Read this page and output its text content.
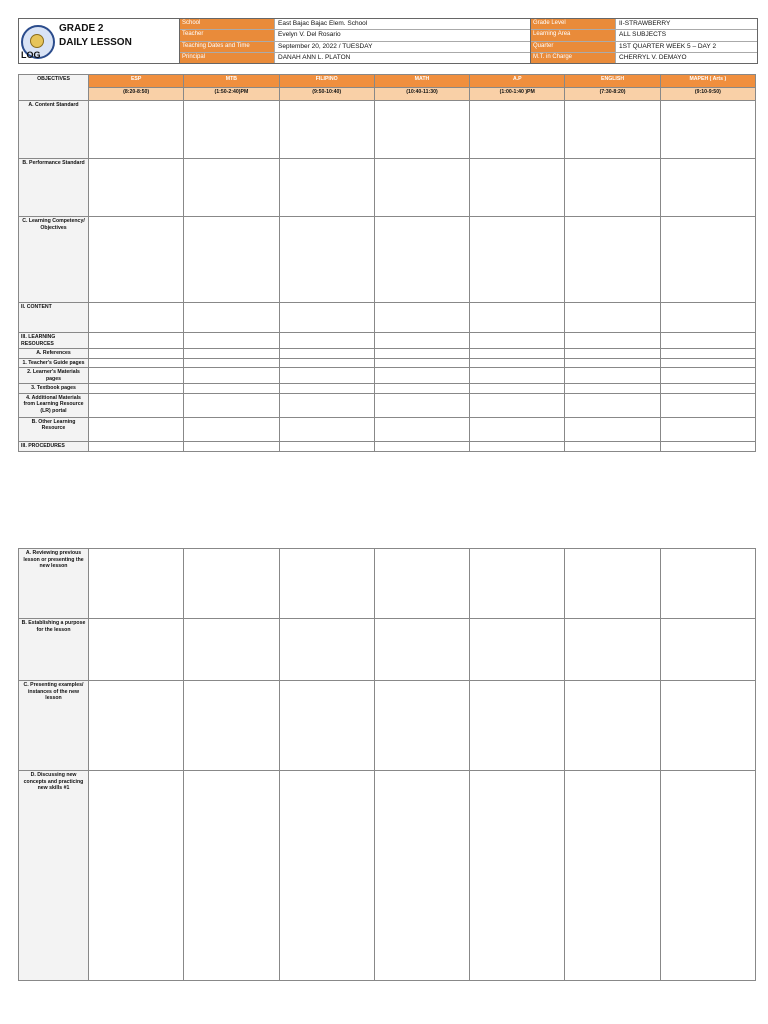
GRADE 2
DAILY LESSON
LOG
School	East Bajac Bajac Elem. School
Teacher	Evelyn V. Del Rosario
Teaching Dates and Time	September 20, 2022 / TUESDAY
Principal	DANAH ANN L. PLATON
Grade Level	II-STRAWBERRY
Learning Area	ALL SUBJECTS
Quarter	1ST QUARTER WEEK 5 – DAY 2
M.T. in Charge	CHERRYL V. DEMAYO
OBJECTIVES	ESP	MTB	FILIPINO	MATH	A.P	ENGLISH	MAPEH ( Arts )
	(8:20-8:50)	(1:50-2:40)PM	(9:50-10:40)	(10:40-11:30)	(1:00-1:40 )PM	(7:30-8:20)	(9:10-9:50)
A. Content Standard							
B. Performance Standard							
C. Learning Competency/ Objectives							
II. CONTENT							
III. LEARNING RESOURCES							
A. References							
1. Teacher's Guide pages							
2. Learner's Materials pages							
3. Textbook pages							
4. Additional Materials from Learning Resource (LR) portal							
B. Other Learning Resource							
III. PROCEDURES							
A. Reviewing previous lesson or presenting the new lesson							
B. Establishing a purpose for the lesson							
C. Presenting examples/ instances of the new lesson							
D. Discussing new concepts and practicing new skills #1							
